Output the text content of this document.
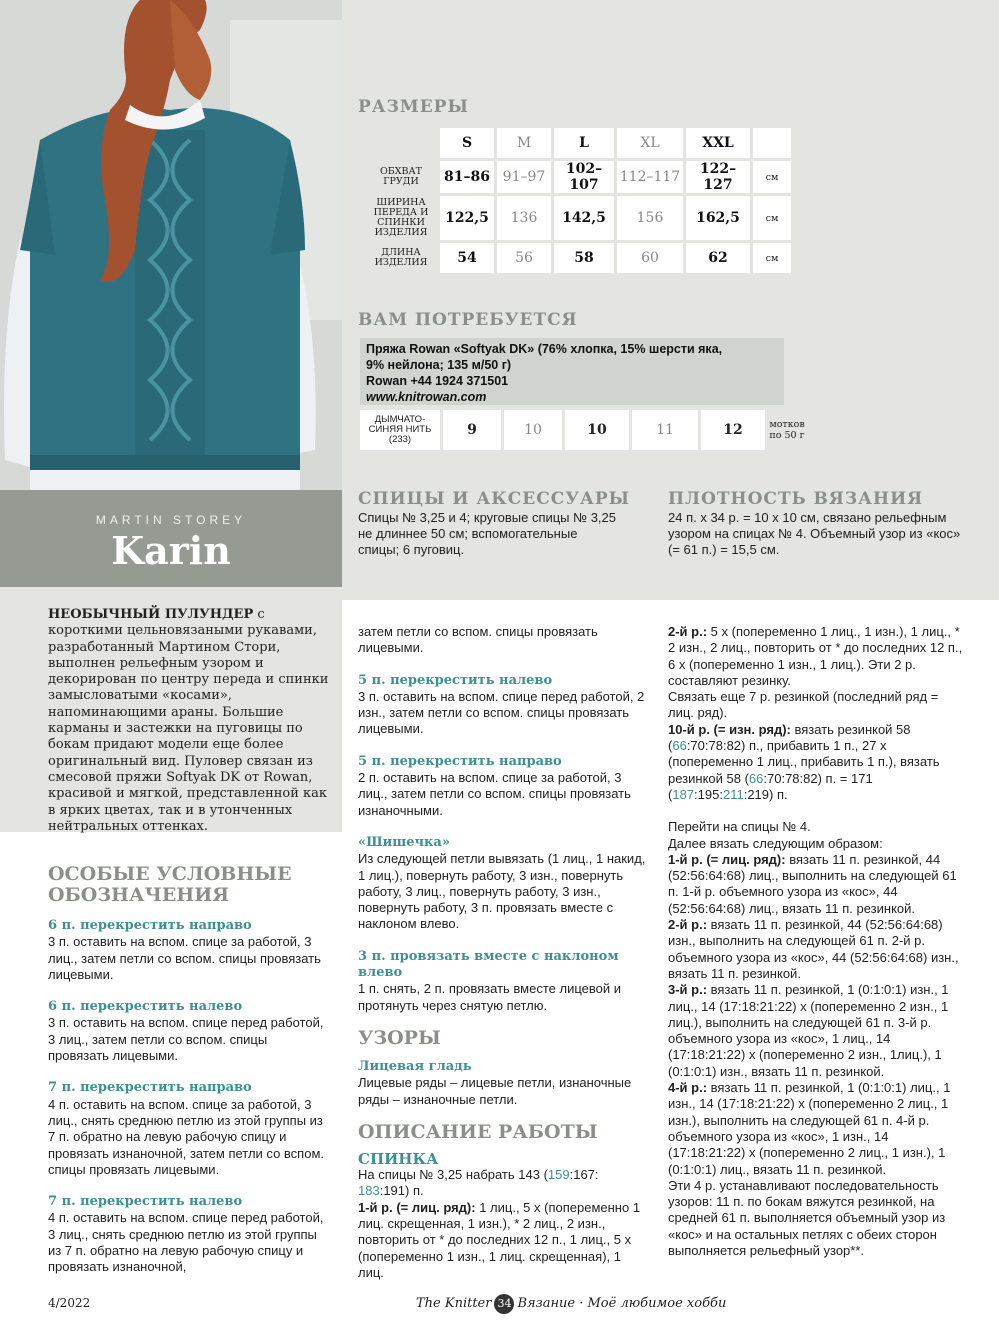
MARTIN STOREY
Karin
РАЗМЕРЫ
	S	M	L	XL	XXL	
ОБХВАТ ГРУДИ	81–86	91–97	102–107	112–117	122–127	см
ШИРИНА ПЕРЕДА И СПИНКИ ИЗДЕЛИЯ	122,5	136	142,5	156	162,5	см
ДЛИНА ИЗДЕЛИЯ	54	56	58	60	62	см
ВАМ ПОТРЕБУЕТСЯ
Пряжа Rowan «Softyak DK» (76% хлопка, 15% шерсти яка,
9% нейлона; 135 м/50 г)
Rowan +44 1924 371501
www.knitrowan.com
ДЫМЧАТО-СИНЯЯ НИТЬ (233)	9	10	10	11	12	мотков по 50 г
СПИЦЫ И АКСЕССУАРЫ
Спицы № 3,25 и 4; круговые спицы № 3,25 не длиннее 50 см; вспомогательные спицы; 6 пуговиц.
ПЛОТНОСТЬ ВЯЗАНИЯ
24 п. х 34 р. = 10 х 10 см, связано рельефным узором на спицах № 4. Объемный узор из «кос» (= 61 п.) = 15,5 см.
НЕОБЫЧНЫЙ ПУЛУНДЕР с короткими цельновязаными рукавами, разработанный Мартином Стори, выполнен рельефным узором и декорирован по центру переда и спинки замысловатыми «косами», напоминающими араны. Большие карманы и застежки на пуговицы по бокам придают модели еще более оригинальный вид. Пуловер связан из смесовой пряжи Softyak DK от Rowan, красивой и мягкой, представленной как в ярких цветах, так и в утонченных нейтральных оттенках.
ОСОБЫЕ УСЛОВНЫЕ ОБОЗНАЧЕНИЯ
6 п. перекрестить направо

3 п. оставить на вспом. спице за работой, 3 лиц., затем петли со вспом. спицы провязать лицевыми.

6 п. перекрестить налево

3 п. оставить на вспом. спице перед работой, 3 лиц., затем петли со вспом. спицы провязать лицевыми.

7 п. перекрестить направо

4 п. оставить на вспом. спице за работой, 3 лиц., снять среднюю петлю из этой группы из 7 п. обратно на левую рабочую спицу и провязать изнаночной, затем петли со вспом. спицы провязать лицевыми.

7 п. перекрестить налево

4 п. оставить на вспом. спице перед работой, 3 лиц., снять среднюю петлю из этой группы из 7 п. обратно на левую рабочую спицу и провязать изнаночной,

затем петли со вспом. спицы провязать лицевыми.

5 п. перекрестить налево

3 п. оставить на вспом. спице перед работой, 2 изн., затем петли со вспом. спицы провязать лицевыми.

5 п. перекрестить направо

2 п. оставить на вспом. спице за работой, 3 лиц., затем петли со вспом. спицы провязать изнаночными.

«Шишечка»

Из следующей петли вывязать (1 лиц., 1 накид, 1 лиц.), повернуть работу, 3 изн., повернуть работу, 3 лиц., повернуть работу, 3 изн., повернуть работу, 3 п. провязать вместе с наклоном влево.

3 п. провязать вместе с наклоном влево

1 п. снять, 2 п. провязать вместе лицевой и протянуть через снятую петлю.

УЗОРЫ
Лицевая гладь

Лицевые ряды – лицевые петли, изнаночные ряды – изнаночные петли.

ОПИСАНИЕ РАБОТЫ
СПИНКА

На спицы № 3,25 набрать 143 (159:167:
183:191) п.

1-й р. (= лиц. ряд): 1 лиц., 5 х (попеременно 1 лиц. скрещенная, 1 изн.), * 2 лиц., 2 изн., повторить от * до последних 12 п., 1 лиц., 5 х (попеременно 1 изн., 1 лиц. скрещенная), 1 лиц.

2-й р.: 5 х (попеременно 1 лиц., 1 изн.), 1 лиц., * 2 изн., 2 лиц., повторить от * до последних 12 п., 6 х (попеременно 1 изн., 1 лиц.). Эти 2 р. составляют резинку.

Связать еще 7 р. резинкой (последний ряд = лиц. ряд).

10-й р. (= изн. ряд): вязать резинкой 58 (66:70:78:82) п., прибавить 1 п., 27 х (попеременно 1 лиц., прибавить 1 п.), вязать резинкой 58 (66:70:78:82) п. = 171 (187:195:211:219) п.

Перейти на спицы № 4.

Далее вязать следующим образом:

1-й р. (= лиц. ряд): вязать 11 п. резинкой, 44 (52:56:64:68) лиц., выполнить на следующей 61 п. 1-й р. объемного узора из «кос», 44 (52:56:64:68) лиц., вязать 11 п. резинкой.

2-й р.: вязать 11 п. резинкой, 44 (52:56:64:68) изн., выполнить на следующей 61 п. 2-й р. объемного узора из «кос», 44 (52:56:64:68) изн., вязать 11 п. резинкой.

3-й р.: вязать 11 п. резинкой, 1 (0:1:0:1) изн., 1 лиц., 14 (17:18:21:22) х (попеременно 2 изн., 1 лиц.), выполнить на следующей 61 п. 3-й р. объемного узора из «кос», 1 лиц., 14 (17:18:21:22) х (попеременно 2 изн., 1лиц.), 1 (0:1:0:1) изн., вязать 11 п. резинкой.

4-й р.: вязать 11 п. резинкой, 1 (0:1:0:1) лиц., 1 изн., 14 (17:18:21:22) х (попеременно 2 лиц., 1 изн.), выполнить на следующей 61 п. 4-й р. объемного узора из «кос», 1 изн., 14 (17:18:21:22) х (попеременно 2 лиц., 1 изн.), 1 (0:1:0:1) лиц., вязать 11 п. резинкой.

Эти 4 р. устанавливают последовательность узоров: 11 п. по бокам вяжутся резинкой, на средней 61 п. выполняется объемный узор из «кос» и на остальных петлях с обеих сторон выполняется рельефный узор**.

4/2022	The Knitter 34 Вязание · Моё любимое хобби
